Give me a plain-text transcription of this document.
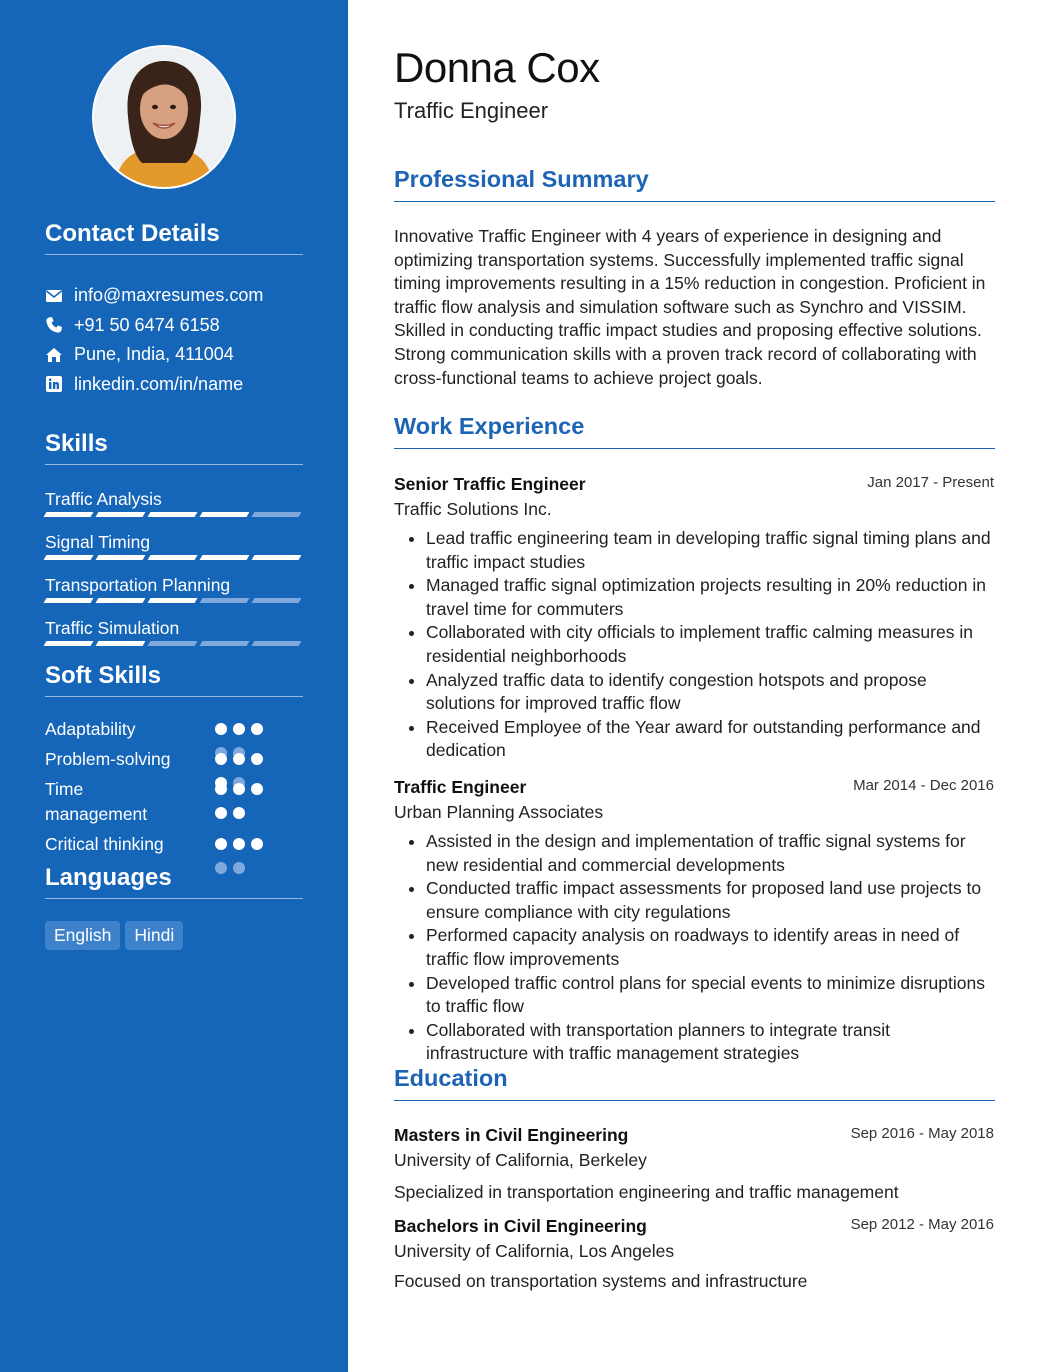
Contact Details
info@maxresumes.com
+91 50 6474 6158
Pune, India, 411004
linkedin.com/in/name
Skills
Traffic Analysis
Signal Timing
Transportation Planning
Traffic Simulation
Soft Skills
Adaptability
Problem-solving
Time management
Critical thinking
Languages
English Hindi
Donna Cox
Traffic Engineer
Professional Summary
Innovative Traffic Engineer with 4 years of experience in designing and optimizing transportation systems. Successfully implemented traffic signal timing improvements resulting in a 15% reduction in congestion. Proficient in traffic flow analysis and simulation software such as Synchro and VISSIM. Skilled in conducting traffic impact studies and proposing effective solutions. Strong communication skills with a proven track record of collaborating with cross-functional teams to achieve project goals.
Work Experience
Senior Traffic Engineer	Jan 2017 - Present
Traffic Solutions Inc.
• Lead traffic engineering team in developing traffic signal timing plans and traffic impact studies
• Managed traffic signal optimization projects resulting in 20% reduction in travel time for commuters
• Collaborated with city officials to implement traffic calming measures in residential neighborhoods
• Analyzed traffic data to identify congestion hotspots and propose solutions for improved traffic flow
• Received Employee of the Year award for outstanding performance and dedication
Traffic Engineer	Mar 2014 - Dec 2016
Urban Planning Associates
• Assisted in the design and implementation of traffic signal systems for new residential and commercial developments
• Conducted traffic impact assessments for proposed land use projects to ensure compliance with city regulations
• Performed capacity analysis on roadways to identify areas in need of traffic flow improvements
• Developed traffic control plans for special events to minimize disruptions to traffic flow
• Collaborated with transportation planners to integrate transit infrastructure with traffic management strategies
Education
Masters in Civil Engineering	Sep 2016 - May 2018
University of California, Berkeley
Specialized in transportation engineering and traffic management
Bachelors in Civil Engineering	Sep 2012 - May 2016
University of California, Los Angeles
Focused on transportation systems and infrastructure
